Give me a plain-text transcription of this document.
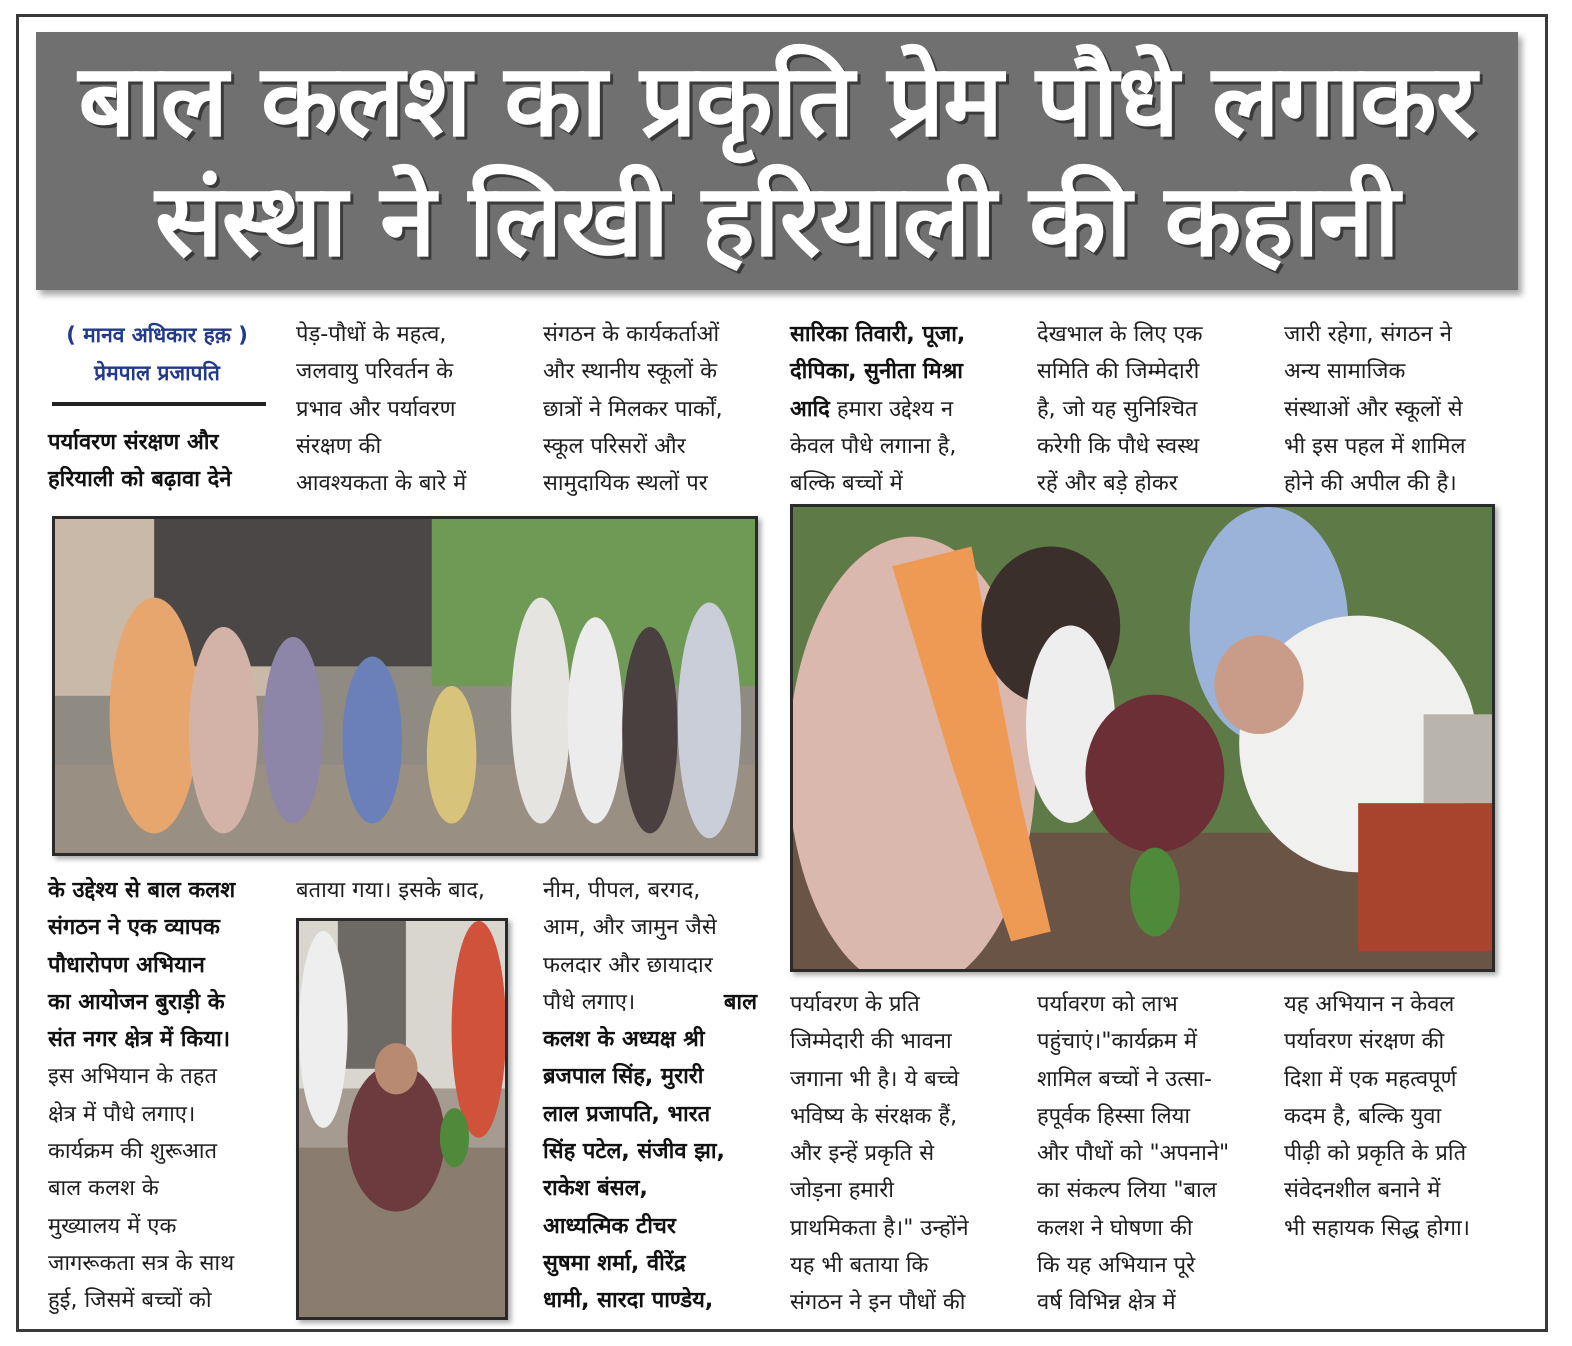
बाल कलश का प्रकृति प्रेम पौधे लगाकर
संस्था ने लिखी हरियाली की कहानी
( मानव अधिकार हक़ )
प्रेमपाल प्रजापति

पर्यावरण संरक्षण और

हरियाली को बढ़ावा देने

पेड़-पौधों के महत्व,

जलवायु परिवर्तन के

प्रभाव और पर्यावरण

संरक्षण की

आवश्यकता के बारे में

संगठन के कार्यकर्ताओं

और स्थानीय स्कूलों के

छात्रों ने मिलकर पार्कों,

स्कूल परिसरों और

सामुदायिक स्थलों पर

सारिका तिवारी, पूजा,

दीपिका, सुनीता मिश्रा

आदि हमारा उद्देश्य न

केवल पौधे लगाना है,

बल्कि बच्चों में

देखभाल के लिए एक

समिति की जिम्मेदारी

है, जो यह सुनिश्चित

करेगी कि पौधे स्वस्थ

रहें और बड़े होकर

जारी रहेगा, संगठन ने

अन्य सामाजिक

संस्थाओं और स्कूलों से

भी इस पहल में शामिल

होने की अपील की है।

के उद्देश्य से बाल कलश

संगठन ने एक व्यापक

पौधारोपण अभियान

का आयोजन बुराड़ी के

संत नगर क्षेत्र में किया।

इस अभियान के तहत

क्षेत्र में पौधे लगाए।

कार्यक्रम की शुरूआत

बाल कलश के

मुख्यालय में एक

जागरूकता सत्र के साथ

हुई, जिसमें बच्चों को

बताया गया। इसके बाद,	नीम, पीपल, बरगद,

आम, और जामुन जैसे

फलदार और छायादार

पौधे लगाए।	बाल

कलश के अध्यक्ष श्री

ब्रजपाल सिंह, मुरारी

लाल प्रजापति, भारत

सिंह पटेल, संजीव झा,

राकेश बंसल,

आध्यत्मिक टीचर

सुषमा शर्मा, वीरेंद्र

धामी, सारदा पाण्डेय,

पर्यावरण के प्रति

जिम्मेदारी की भावना

जगाना भी है। ये बच्चे

भविष्य के संरक्षक हैं,

और इन्हें प्रकृति से

जोड़ना हमारी

प्राथमिकता है।" उन्होंने

यह भी बताया कि

संगठन ने इन पौधों की

पर्यावरण को लाभ

पहुंचाएं।"कार्यक्रम में

शामिल बच्चों ने उत्सा-

हपूर्वक हिस्सा लिया

और पौधों को "अपनाने"

का संकल्प लिया "बाल

कलश ने घोषणा की

कि यह अभियान पूरे

वर्ष विभिन्न क्षेत्र में

यह अभियान न केवल

पर्यावरण संरक्षण की

दिशा में एक महत्वपूर्ण

कदम है, बल्कि युवा

पीढ़ी को प्रकृति के प्रति

संवेदनशील बनाने में

भी सहायक सिद्ध होगा।
